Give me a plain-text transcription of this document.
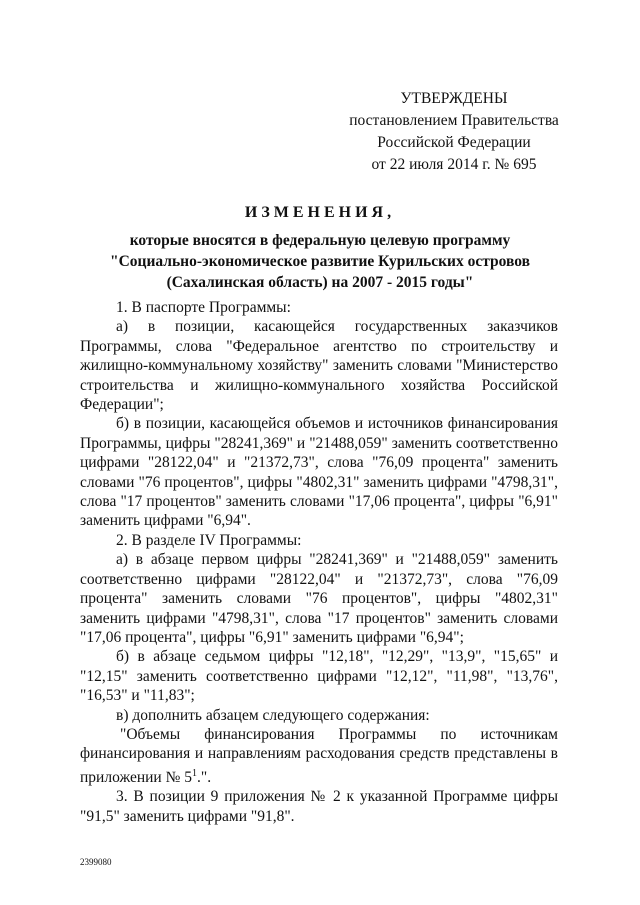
УТВЕРЖДЕНЫ
постановлением Правительства
Российской Федерации
от 22 июля 2014 г. № 695
ИЗМЕНЕНИЯ,
которые вносятся в федеральную целевую программу
"Социально-экономическое развитие Курильских островов
(Сахалинская область) на 2007 - 2015 годы"

1. В паспорте Программы:

а) в позиции, касающейся государственных заказчиков Программы, слова "Федеральное агентство по строительству и жилищно-коммунальному хозяйству" заменить словами "Министерство строительства и жилищно-коммунального хозяйства Российской Федерации";

б) в позиции, касающейся объемов и источников финансирования Программы, цифры "28241,369" и "21488,059" заменить соответственно цифрами "28122,04" и "21372,73", слова "76,09 процента" заменить словами "76 процентов", цифры "4802,31" заменить цифрами "4798,31", слова "17 процентов" заменить словами "17,06 процента", цифры "6,91" заменить цифрами "6,94".

2. В разделе IV Программы:

а) в абзаце первом цифры "28241,369" и "21488,059" заменить соответственно цифрами "28122,04" и "21372,73", слова "76,09 процента" заменить словами "76 процентов", цифры "4802,31" заменить цифрами "4798,31", слова "17 процентов" заменить словами "17,06 процента", цифры "6,91" заменить цифрами "6,94";

б) в абзаце седьмом цифры "12,18", "12,29", "13,9", "15,65" и "12,15" заменить соответственно цифрами "12,12", "11,98", "13,76", "16,53" и "11,83";

в) дополнить абзацем следующего содержания:

"Объемы финансирования Программы по источникам финансирования и направлениям расходования средств представлены в приложении № $5^1$.".

3. В позиции 9 приложения № 2 к указанной Программе цифры "91,5" заменить цифрами "91,8".

2399080
